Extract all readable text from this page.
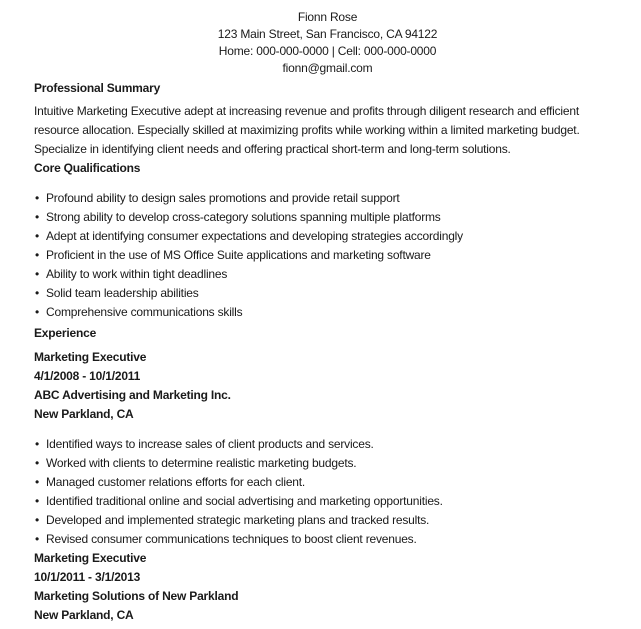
Fionn Rose
123 Main Street, San Francisco, CA 94122
Home: 000-000-0000 | Cell: 000-000-0000
fionn@gmail.com
Professional Summary

Intuitive Marketing Executive adept at increasing revenue and profits through diligent research and efficient resource allocation. Especially skilled at maximizing profits while working within a limited marketing budget. Specialize in identifying client needs and offering practical short-term and long-term solutions.

Core Qualifications
• Profound ability to design sales promotions and provide retail support
• Strong ability to develop cross-category solutions spanning multiple platforms
• Adept at identifying consumer expectations and developing strategies accordingly
• Proficient in the use of MS Office Suite applications and marketing software
• Ability to work within tight deadlines
• Solid team leadership abilities
• Comprehensive communications skills
Experience
Marketing Executive
4/1/2008 - 10/1/2011
ABC Advertising and Marketing Inc.
New Parkland, CA
• Identified ways to increase sales of client products and services.
• Worked with clients to determine realistic marketing budgets.
• Managed customer relations efforts for each client.
• Identified traditional online and social advertising and marketing opportunities.
• Developed and implemented strategic marketing plans and tracked results.
• Revised consumer communications techniques to boost client revenues.
Marketing Executive
10/1/2011 - 3/1/2013
Marketing Solutions of New Parkland
New Parkland, CA
